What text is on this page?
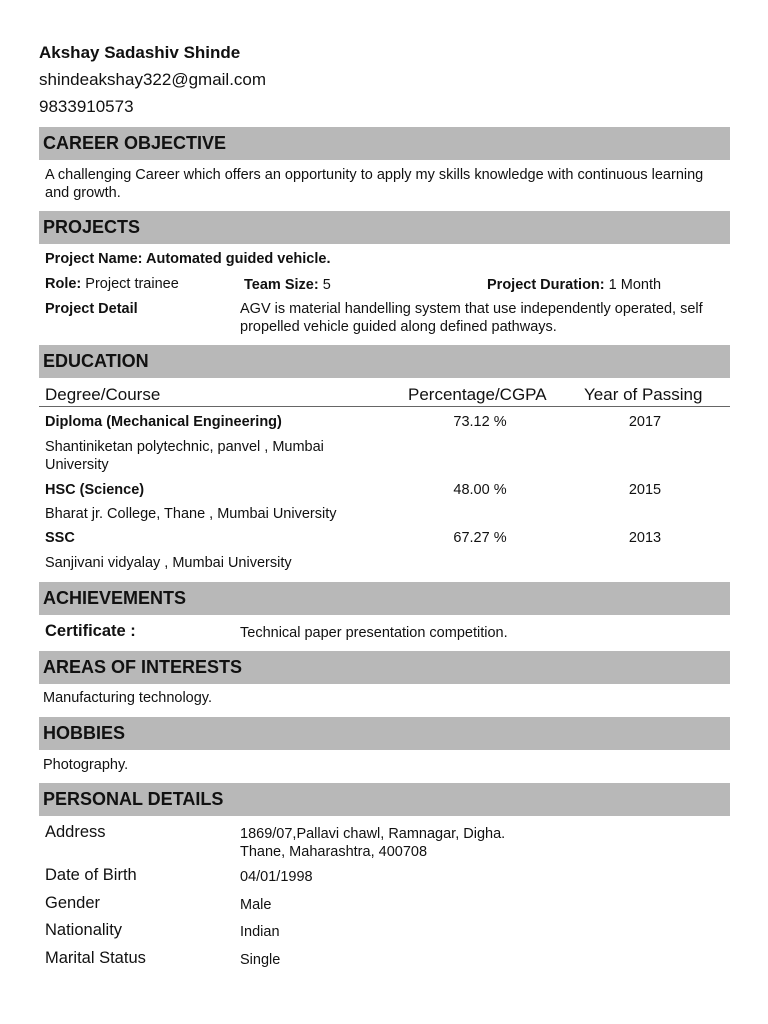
Akshay Sadashiv Shinde
shindeakshay322@gmail.com
9833910573
CAREER OBJECTIVE
A challenging Career which offers an opportunity to apply my skills knowledge with continuous learning and growth.
PROJECTS
Project Name: Automated guided vehicle.
Role: Project trainee	Team Size: 5	Project Duration: 1 Month
Project Detail	AGV is material handelling system that use independently operated, self propelled vehicle guided along defined pathways.
EDUCATION
Degree/Course	Percentage/CGPA Year of Passing
Diploma (Mechanical Engineering)	73.12 %	2017
Shantiniketan polytechnic, panvel , Mumbai University
HSC (Science)	48.00 %	2015
Bharat jr. College, Thane , Mumbai University
SSC	67.27 %	2013
Sanjivani vidyalay , Mumbai University
ACHIEVEMENTS
Certificate :	Technical paper presentation competition.
AREAS OF INTERESTS
Manufacturing technology.
HOBBIES
Photography.
PERSONAL DETAILS
Address	1869/07,Pallavi chawl, Ramnagar, Digha.
Thane, Maharashtra, 400708
Date of Birth	04/01/1998
Gender	Male
Nationality	Indian
Marital Status	Single
